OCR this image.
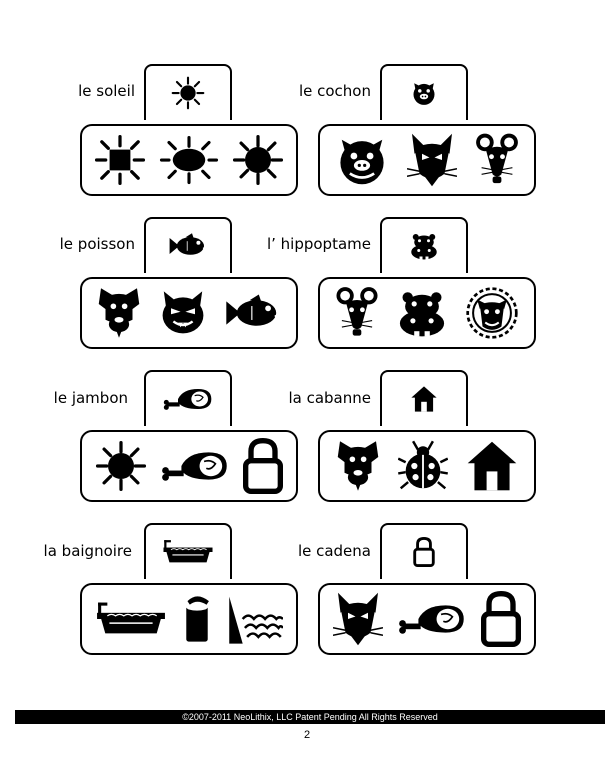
le soleil	le cochon
le poisson	l’ hippoptame
le jambon	la cabanne
la baignoire	le cadena
©2007-2011 NeoLithix, LLC Patent Pending All Rights Reserved
2
